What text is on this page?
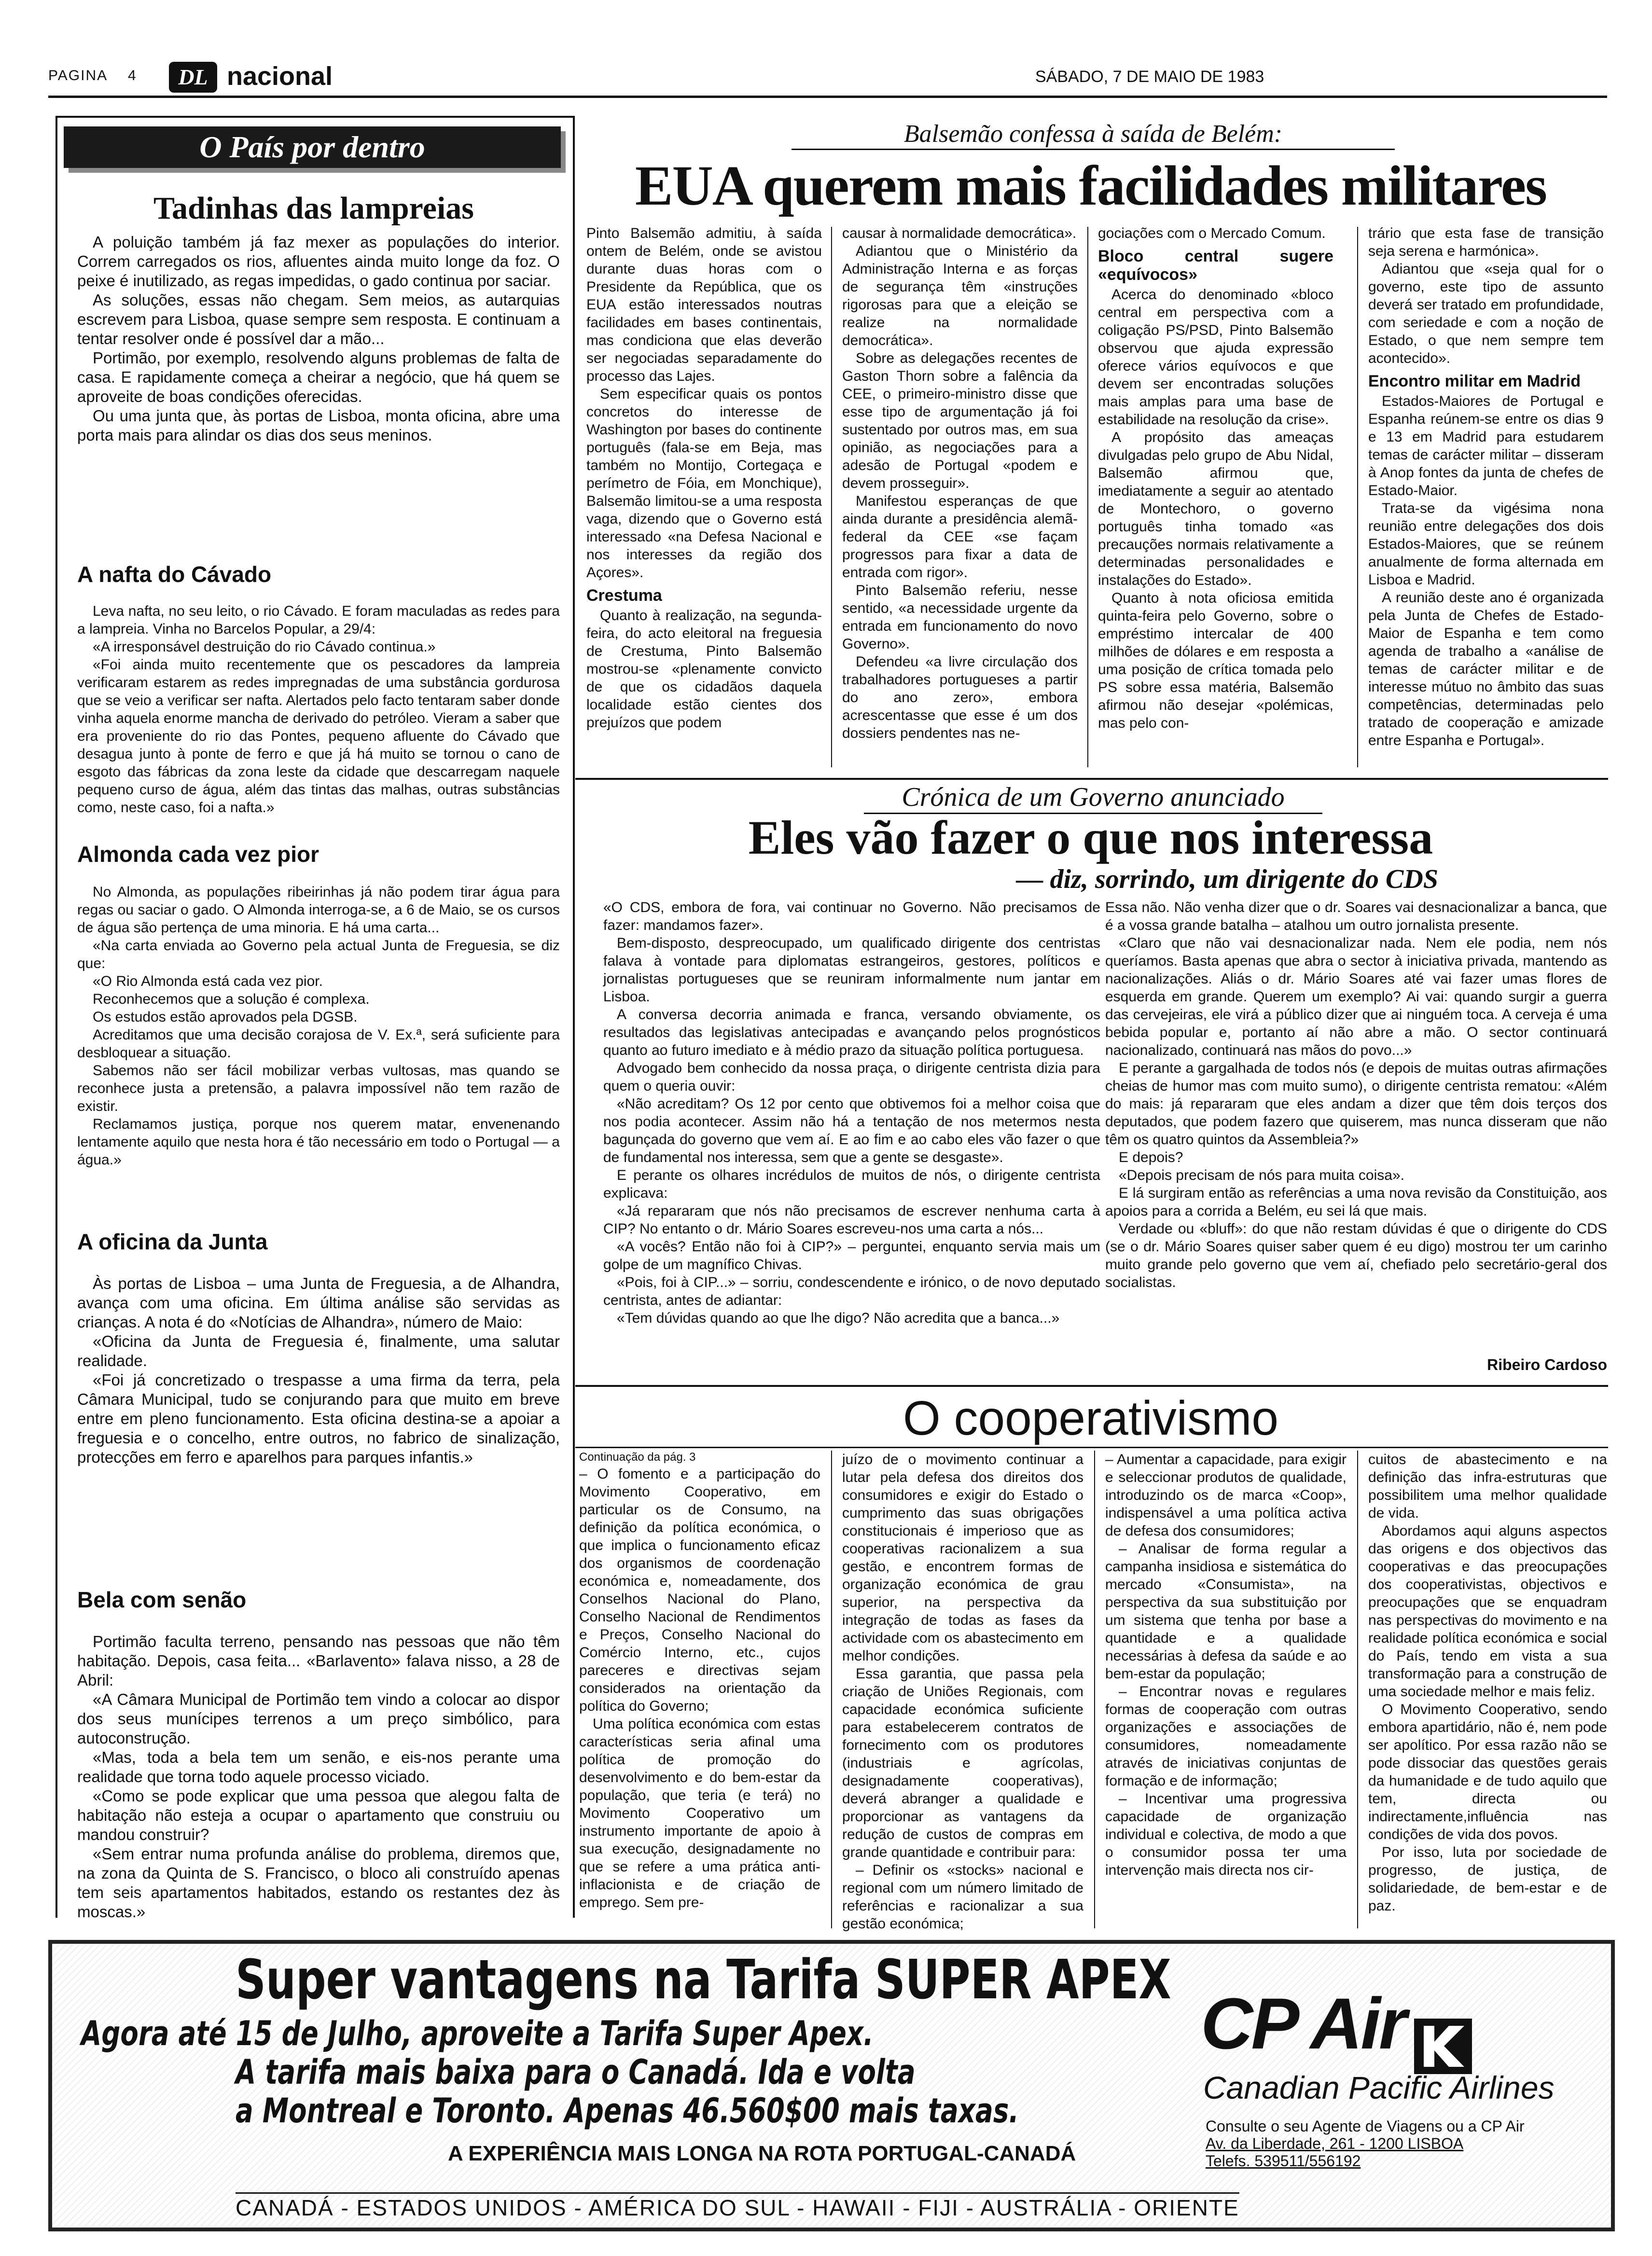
PAGINA 4	DL nacional	SÁBADO, 7 DE MAIO DE 1983
O País por dentro
Tadinhas das lampreias

A poluição também já faz mexer as populações do interior. Correm carregados os rios, afluentes ainda muito longe da foz. O peixe é inutilizado, as regas impedidas, o gado continua por saciar.

As soluções, essas não chegam. Sem meios, as autarquias escrevem para Lisboa, quase sempre sem resposta. E continuam a tentar resolver onde é possível dar a mão...

Portimão, por exemplo, resolvendo alguns problemas de falta de casa. E rapidamente começa a cheirar a negócio, que há quem se aproveite de boas condições oferecidas.

Ou uma junta que, às portas de Lisboa, monta oficina, abre uma porta mais para alindar os dias dos seus meninos.

A nafta do Cávado

Leva nafta, no seu leito, o rio Cávado. E foram maculadas as redes para a lampreia. Vinha no Barcelos Popular, a 29/4:

«A irresponsável destruição do rio Cávado continua.»

«Foi ainda muito recentemente que os pescadores da lampreia verificaram estarem as redes impregnadas de uma substância gordurosa que se veio a verificar ser nafta. Alertados pelo facto tentaram saber donde vinha aquela enorme mancha de derivado do petróleo. Vieram a saber que era proveniente do rio das Pontes, pequeno afluente do Cávado que desagua junto à ponte de ferro e que já há muito se tornou o cano de esgoto das fábricas da zona leste da cidade que descarregam naquele pequeno curso de água, além das tintas das malhas, outras substâncias como, neste caso, foi a nafta.»

Almonda cada vez pior

No Almonda, as populações ribeirinhas já não podem tirar água para regas ou saciar o gado. O Almonda interroga-se, a 6 de Maio, se os cursos de água são pertença de uma minoria. E há uma carta...

«Na carta enviada ao Governo pela actual Junta de Freguesia, se diz que:

«O Rio Almonda está cada vez pior.

Reconhecemos que a solução é complexa.

Os estudos estão aprovados pela DGSB.

Acreditamos que uma decisão corajosa de V. Ex.ª, será suficiente para desbloquear a situação.

Sabemos não ser fácil mobilizar verbas vultosas, mas quando se reconhece justa a pretensão, a palavra impossível não tem razão de existir.

Reclamamos justiça, porque nos querem matar, envenenando lentamente aquilo que nesta hora é tão necessário em todo o Portugal — a água.»

A oficina da Junta

Às portas de Lisboa – uma Junta de Freguesia, a de Alhandra, avança com uma oficina. Em última análise são servidas as crianças. A nota é do «Notícias de Alhandra», número de Maio:

«Oficina da Junta de Freguesia é, finalmente, uma salutar realidade.

«Foi já concretizado o trespasse a uma firma da terra, pela Câmara Municipal, tudo se conjurando para que muito em breve entre em pleno funcionamento. Esta oficina destina-se a apoiar a freguesia e o concelho, entre outros, no fabrico de sinalização, protecções em ferro e aparelhos para parques infantis.»

Bela com senão

Portimão faculta terreno, pensando nas pessoas que não têm habitação. Depois, casa feita... «Barlavento» falava nisso, a 28 de Abril:

«A Câmara Municipal de Portimão tem vindo a colocar ao dispor dos seus munícipes terrenos a um preço simbólico, para autoconstrução.

«Mas, toda a bela tem um senão, e eis-nos perante uma realidade que torna todo aquele processo viciado.

«Como se pode explicar que uma pessoa que alegou falta de habitação não esteja a ocupar o apartamento que construiu ou mandou construir?

«Sem entrar numa profunda análise do problema, diremos que, na zona da Quinta de S. Francisco, o bloco ali construído apenas tem seis apartamentos habitados, estando os restantes dez às moscas.»

Balsemão confessa à saída de Belém:
EUA querem mais facilidades militares

Pinto Balsemão admitiu, à saída ontem de Belém, onde se avistou durante duas horas com o Presidente da República, que os EUA estão interessados noutras facilidades em bases continentais, mas condiciona que elas deverão ser negociadas separadamente do processo das Lajes.

Sem especificar quais os pontos concretos do interesse de Washington por bases do continente português (fala-se em Beja, mas também no Montijo, Cortegaça e perímetro de Fóia, em Monchique), Balsemão limitou-se a uma resposta vaga, dizendo que o Governo está interessado «na Defesa Nacional e nos interesses da região dos Açores».

Crestuma

Quanto à realização, na segunda-feira, do acto eleitoral na freguesia de Crestuma, Pinto Balsemão mostrou-se «plenamente convicto de que os cidadãos daquela localidade estão cientes dos prejuízos que podem

causar à normalidade democrática».

Adiantou que o Ministério da Administração Interna e as forças de segurança têm «instruções rigorosas para que a eleição se realize na normalidade democrática».

Sobre as delegações recentes de Gaston Thorn sobre a falência da CEE, o primeiro-ministro disse que esse tipo de argumentação já foi sustentado por outros mas, em sua opinião, as negociações para a adesão de Portugal «podem e devem prosseguir».

Manifestou esperanças de que ainda durante a presidência alemã-federal da CEE «se façam progressos para fixar a data de entrada com rigor».

Pinto Balsemão referiu, nesse sentido, «a necessidade urgente da entrada em funcionamento do novo Governo».

Defendeu «a livre circulação dos trabalhadores portugueses a partir do ano zero», embora acrescentasse que esse é um dos dossiers pendentes nas ne-

gociações com o Mercado Comum.

Bloco central sugere «equívocos»

Acerca do denominado «bloco central em perspectiva com a coligação PS/PSD, Pinto Balsemão observou que ajuda expressão oferece vários equívocos e que devem ser encontradas soluções mais amplas para uma base de estabilidade na resolução da crise».

A propósito das ameaças divulgadas pelo grupo de Abu Nidal, Balsemão afirmou que, imediatamente a seguir ao atentado de Montechoro, o governo português tinha tomado «as precauções normais relativamente a determinadas personalidades e instalações do Estado».

Quanto à nota oficiosa emitida quinta-feira pelo Governo, sobre o empréstimo intercalar de 400 milhões de dólares e em resposta a uma posição de crítica tomada pelo PS sobre essa matéria, Balsemão afirmou não desejar «polémicas, mas pelo con-

trário que esta fase de transição seja serena e harmónica».

Adiantou que «seja qual for o governo, este tipo de assunto deverá ser tratado em profundidade, com seriedade e com a noção de Estado, o que nem sempre tem acontecido».

Encontro militar em Madrid

Estados-Maiores de Portugal e Espanha reúnem-se entre os dias 9 e 13 em Madrid para estudarem temas de carácter militar – disseram à Anop fontes da junta de chefes de Estado-Maior.

Trata-se da vigésima nona reunião entre delegações dos dois Estados-Maiores, que se reúnem anualmente de forma alternada em Lisboa e Madrid.

A reunião deste ano é organizada pela Junta de Chefes de Estado-Maior de Espanha e tem como agenda de trabalho a «análise de temas de carácter militar e de interesse mútuo no âmbito das suas competências, determinadas pelo tratado de cooperação e amizade entre Espanha e Portugal».

Crónica de um Governo anunciado
Eles vão fazer o que nos interessa
— diz, sorrindo, um dirigente do CDS

«O CDS, embora de fora, vai continuar no Governo. Não precisamos de fazer: mandamos fazer».

Bem-disposto, despreocupado, um qualificado dirigente dos centristas falava à vontade para diplomatas estrangeiros, gestores, políticos e jornalistas portugueses que se reuniram informalmente num jantar em Lisboa.

A conversa decorria animada e franca, versando obviamente, os resultados das legislativas antecipadas e avançando pelos prognósticos quanto ao futuro imediato e à médio prazo da situação política portuguesa.

Advogado bem conhecido da nossa praça, o dirigente centrista dizia para quem o queria ouvir:

«Não acreditam? Os 12 por cento que obtivemos foi a melhor coisa que nos podia acontecer. Assim não há a tentação de nos metermos nesta bagunçada do governo que vem aí. E ao fim e ao cabo eles vão fazer o que de fundamental nos interessa, sem que a gente se desgaste».

E perante os olhares incrédulos de muitos de nós, o dirigente centrista explicava:

«Já repararam que nós não precisamos de escrever nenhuma carta à CIP? No entanto o dr. Mário Soares escreveu-nos uma carta a nós...

«A vocês? Então não foi à CIP?» – perguntei, enquanto servia mais um golpe de um magnífico Chivas.

«Pois, foi à CIP...» – sorriu, condescendente e irónico, o de novo deputado centrista, antes de adiantar:

«Tem dúvidas quando ao que lhe digo? Não acredita que a banca...»

Essa não. Não venha dizer que o dr. Soares vai desnacionalizar a banca, que é a vossa grande batalha – atalhou um outro jornalista presente.

«Claro que não vai desnacionalizar nada. Nem ele podia, nem nós queríamos. Basta apenas que abra o sector à iniciativa privada, mantendo as nacionalizações. Aliás o dr. Mário Soares até vai fazer umas flores de esquerda em grande. Querem um exemplo? Ai vai: quando surgir a guerra das cervejeiras, ele virá a público dizer que ai ninguém toca. A cerveja é uma bebida popular e, portanto aí não abre a mão. O sector continuará nacionalizado, continuará nas mãos do povo...»

E perante a gargalhada de todos nós (e depois de muitas outras afirmações cheias de humor mas com muito sumo), o dirigente centrista rematou: «Além do mais: já repararam que eles andam a dizer que têm dois terços dos deputados, que podem fazero que quiserem, mas nunca disseram que não têm os quatro quintos da Assembleia?»

E depois?

«Depois precisam de nós para muita coisa».

E lá surgiram então as referências a uma nova revisão da Constituição, aos apoios para a corrida a Belém, eu sei lá que mais.

Verdade ou «bluff»: do que não restam dúvidas é que o dirigente do CDS (se o dr. Mário Soares quiser saber quem é eu digo) mostrou ter um carinho muito grande pelo governo que vem aí, chefiado pelo secretário-geral dos socialistas.

Ribeiro Cardoso
O cooperativismo
Continuação da pág. 3

– O fomento e a participação do Movimento Cooperativo, em particular os de Consumo, na definição da política económica, o que implica o funcionamento eficaz dos organismos de coordenação económica e, nomeadamente, dos Conselhos Nacional do Plano, Conselho Nacional de Rendimentos e Preços, Conselho Nacional do Comércio Interno, etc., cujos pareceres e directivas sejam considerados na orientação da política do Governo;

Uma política económica com estas características seria afinal uma política de promoção do desenvolvimento e do bem-estar da população, que teria (e terá) no Movimento Cooperativo um instrumento importante de apoio à sua execução, designadamente no que se refere a uma prática anti-inflacionista e de criação de emprego. Sem pre-

juízo de o movimento continuar a lutar pela defesa dos direitos dos consumidores e exigir do Estado o cumprimento das suas obrigações constitucionais é imperioso que as cooperativas racionalizem a sua gestão, e encontrem formas de organização económica de grau superior, na perspectiva da integração de todas as fases da actividade com os abastecimento em melhor condições.

Essa garantia, que passa pela criação de Uniões Regionais, com capacidade económica suficiente para estabelecerem contratos de fornecimento com os produtores (industriais e agrícolas, designadamente cooperativas), deverá abranger a qualidade e proporcionar as vantagens da redução de custos de compras em grande quantidade e contribuir para:

– Definir os «stocks» nacional e regional com um número limitado de referências e racionalizar a sua gestão económica;

– Aumentar a capacidade, para exigir e seleccionar produtos de qualidade, introduzindo os de marca «Coop», indispensável a uma política activa de defesa dos consumidores;

– Analisar de forma regular a campanha insidiosa e sistemática do mercado «Consumista», na perspectiva da sua substituição por um sistema que tenha por base a quantidade e a qualidade necessárias à defesa da saúde e ao bem-estar da população;

– Encontrar novas e regulares formas de cooperação com outras organizações e associações de consumidores, nomeadamente através de iniciativas conjuntas de formação e de informação;

– Incentivar uma progressiva capacidade de organização individual e colectiva, de modo a que o consumidor possa ter uma intervenção mais directa nos cir-

cuitos de abastecimento e na definição das infra-estruturas que possibilitem uma melhor qualidade de vida.

Abordamos aqui alguns aspectos das origens e dos objectivos das cooperativas e das preocupações dos cooperativistas, objectivos e preocupações que se enquadram nas perspectivas do movimento e na realidade política económica e social do País, tendo em vista a sua transformação para a construção de uma sociedade melhor e mais feliz.

O Movimento Cooperativo, sendo embora apartidário, não é, nem pode ser apolítico. Por essa razão não se pode dissociar das questões gerais da humanidade e de tudo aquilo que tem, directa ou indirectamente,influência nas condições de vida dos povos.

Por isso, luta por sociedade de progresso, de justiça, de solidariedade, de bem-estar e de paz.

Super vantagens na Tarifa SUPER APEX
Agora até 15 de Julho, aproveite a Tarifa Super Apex.
A tarifa mais baixa para o Canadá. Ida e volta
a Montreal e Toronto. Apenas 46.560$00 mais taxas.
A EXPERIÊNCIA MAIS LONGA NA ROTA PORTUGAL-CANADÁ
CP Air
Canadian Pacific Airlines
Consulte o seu Agente de Viagens ou a CP Air
Av. da Liberdade, 261 - 1200 LISBOA
Telefs. 539511/556192
CANADÁ - ESTADOS UNIDOS - AMÉRICA DO SUL - HAWAII - FIJI - AUSTRÁLIA - ORIENTE
